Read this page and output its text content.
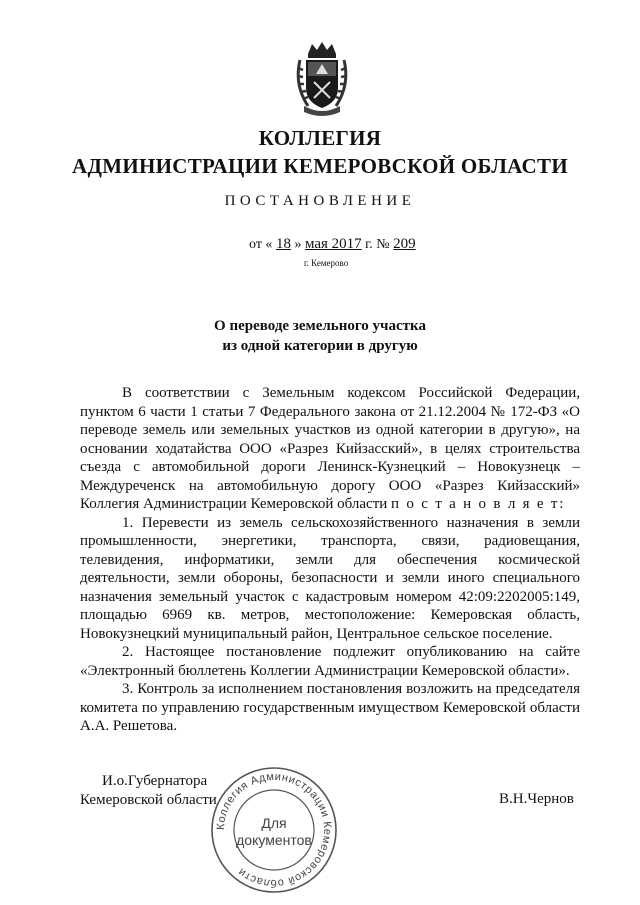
КОЛЛЕГИЯ
АДМИНИСТРАЦИИ КЕМЕРОВСКОЙ ОБЛАСТИ
ПОСТАНОВЛЕНИЕ
от « 18 » мая 2017 г. № 209
г. Кемерово
О переводе земельного участка
из одной категории в другую

В соответствии с Земельным кодексом Российской Федерации, пунктом 6 части 1 статьи 7 Федерального закона от 21.12.2004 № 172-ФЗ «О переводе земель или земельных участков из одной категории в другую», на основании ходатайства ООО «Разрез Кийзасский», в целях строительства съезда с автомобильной дороги Ленинск-Кузнецкий – Новокузнецк – Междуреченск на автомобильную дорогу ООО «Разрез Кийзасский» Коллегия Администрации Кемеровской области п о с т а н о в л я е т:

1. Перевести из земель сельскохозяйственного назначения в земли промышленности, энергетики, транспорта, связи, радиовещания, телевидения, информатики, земли для обеспечения космической деятельности, земли обороны, безопасности и земли иного специального назначения земельный участок с кадастровым номером 42:09:2202005:149, площадью 6969 кв. метров, местоположение: Кемеровская область, Новокузнецкий муниципальный район, Центральное сельское поселение.

2. Настоящее постановление подлежит опубликованию на сайте «Электронный бюллетень Коллегии Администрации Кемеровской области».

3. Контроль за исполнением постановления возложить на председателя комитета по управлению государственным имуществом Кемеровской области А.А. Решетова.

И.о.Губернатора
Кемеровской области	В.Н.Чернов
Коллегия Администрации Кемеровской области
Для
документов
